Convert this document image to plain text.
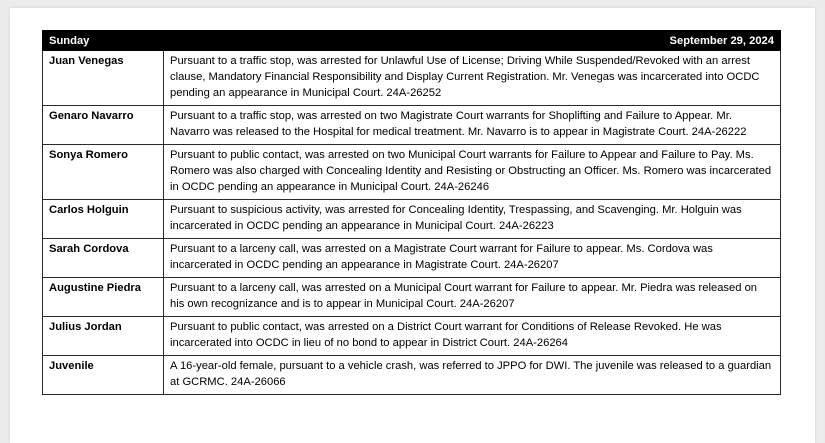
Sunday	September 29, 2024
Juan Venegas	Pursuant to a traffic stop, was arrested for Unlawful Use of License; Driving While Suspended/Revoked with an arrest clause, Mandatory Financial Responsibility and Display Current Registration. Mr. Venegas was incarcerated into OCDC pending an appearance in Municipal Court. 24A-26252
Genaro Navarro	Pursuant to a traffic stop, was arrested on two Magistrate Court warrants for Shoplifting and Failure to Appear. Mr. Navarro was released to the Hospital for medical treatment. Mr. Navarro is to appear in Magistrate Court. 24A-26222
Sonya Romero	Pursuant to public contact, was arrested on two Municipal Court warrants for Failure to Appear and Failure to Pay. Ms. Romero was also charged with Concealing Identity and Resisting or Obstructing an Officer. Ms. Romero was incarcerated in OCDC pending an appearance in Municipal Court. 24A-26246
Carlos Holguin	Pursuant to suspicious activity, was arrested for Concealing Identity, Trespassing, and Scavenging. Mr. Holguin was incarcerated in OCDC pending an appearance in Municipal Court. 24A-26223
Sarah Cordova	Pursuant to a larceny call, was arrested on a Magistrate Court warrant for Failure to appear. Ms. Cordova was incarcerated in OCDC pending an appearance in Magistrate Court. 24A-26207
Augustine Piedra	Pursuant to a larceny call, was arrested on a Municipal Court warrant for Failure to appear. Mr. Piedra was released on his own recognizance and is to appear in Municipal Court. 24A-26207
Julius Jordan	Pursuant to public contact, was arrested on a District Court warrant for Conditions of Release Revoked. He was incarcerated into OCDC in lieu of no bond to appear in District Court. 24A-26264
Juvenile	A 16-year-old female, pursuant to a vehicle crash, was referred to JPPO for DWI. The juvenile was released to a guardian at GCRMC. 24A-26066
